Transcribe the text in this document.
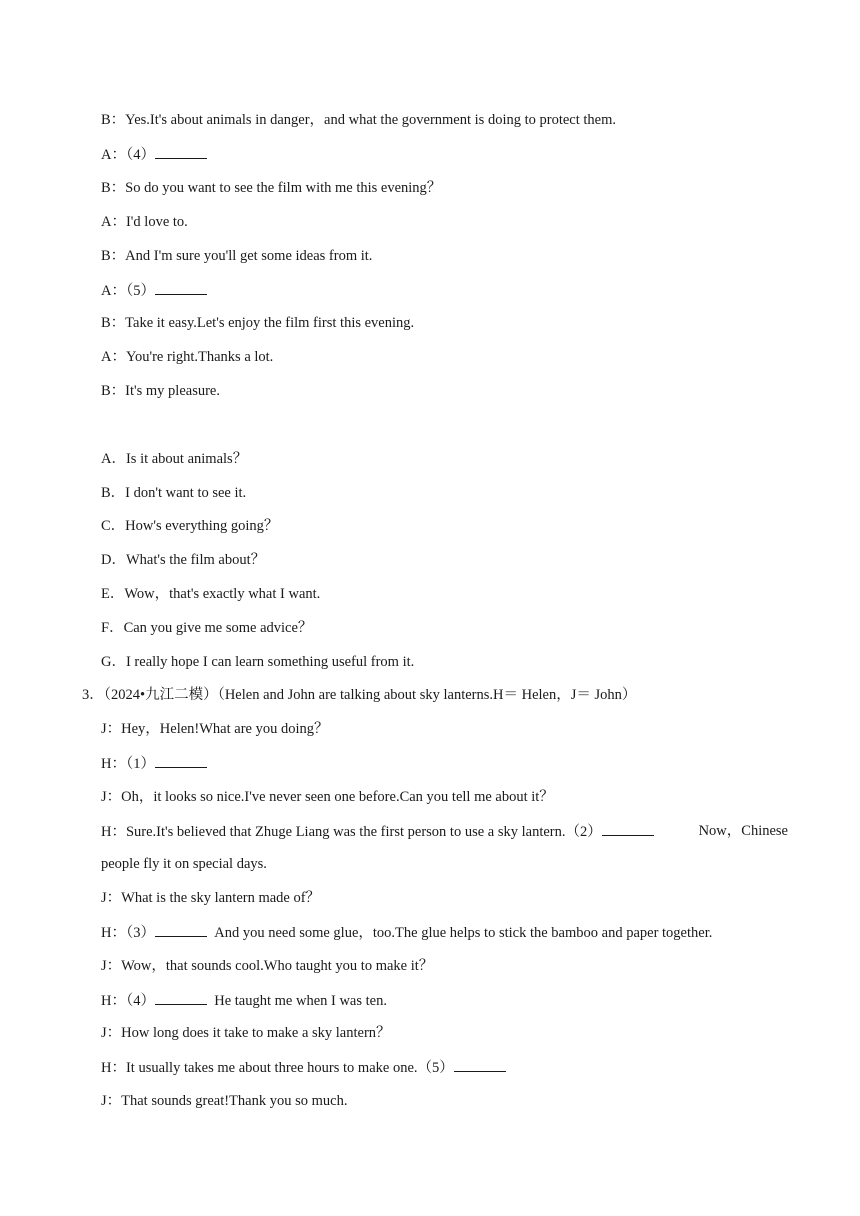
B：Yes.It's about animals in danger，and what the government is doing to protect them.
A：（4）
B：So do you want to see the film with me this evening？
A：I'd love to.
B：And I'm sure you'll get some ideas from it.
A：（5）
B：Take it easy.Let's enjoy the film first this evening.
A：You're right.Thanks a lot.
B：It's my pleasure.
A．Is it about animals？
B．I don't want to see it.
C．How's everything going？
D．What's the film about？
E．Wow，that's exactly what I want.
F．Can you give me some advice？
G．I really hope I can learn something useful from it.
3．（2024•九江二模）（Helen and John are talking about sky lanterns.H＝ Helen，J＝ John）
J：Hey，Helen!What are you doing？
H：（1）
J：Oh，it looks so nice.I've never seen one before.Can you tell me about it？
H：Sure.It's believed that Zhuge Liang was the first person to use a sky lantern.（2）	Now，Chinese
people fly it on special days.
J：What is the sky lantern made of？
H：（3）	And you need some glue，too.The glue helps to stick the bamboo and paper together.
J：Wow，that sounds cool.Who taught you to make it？
H：（4）	He taught me when I was ten.
J：How long does it take to make a sky lantern？
H：It usually takes me about three hours to make one.（5）
J：That sounds great!Thank you so much.
